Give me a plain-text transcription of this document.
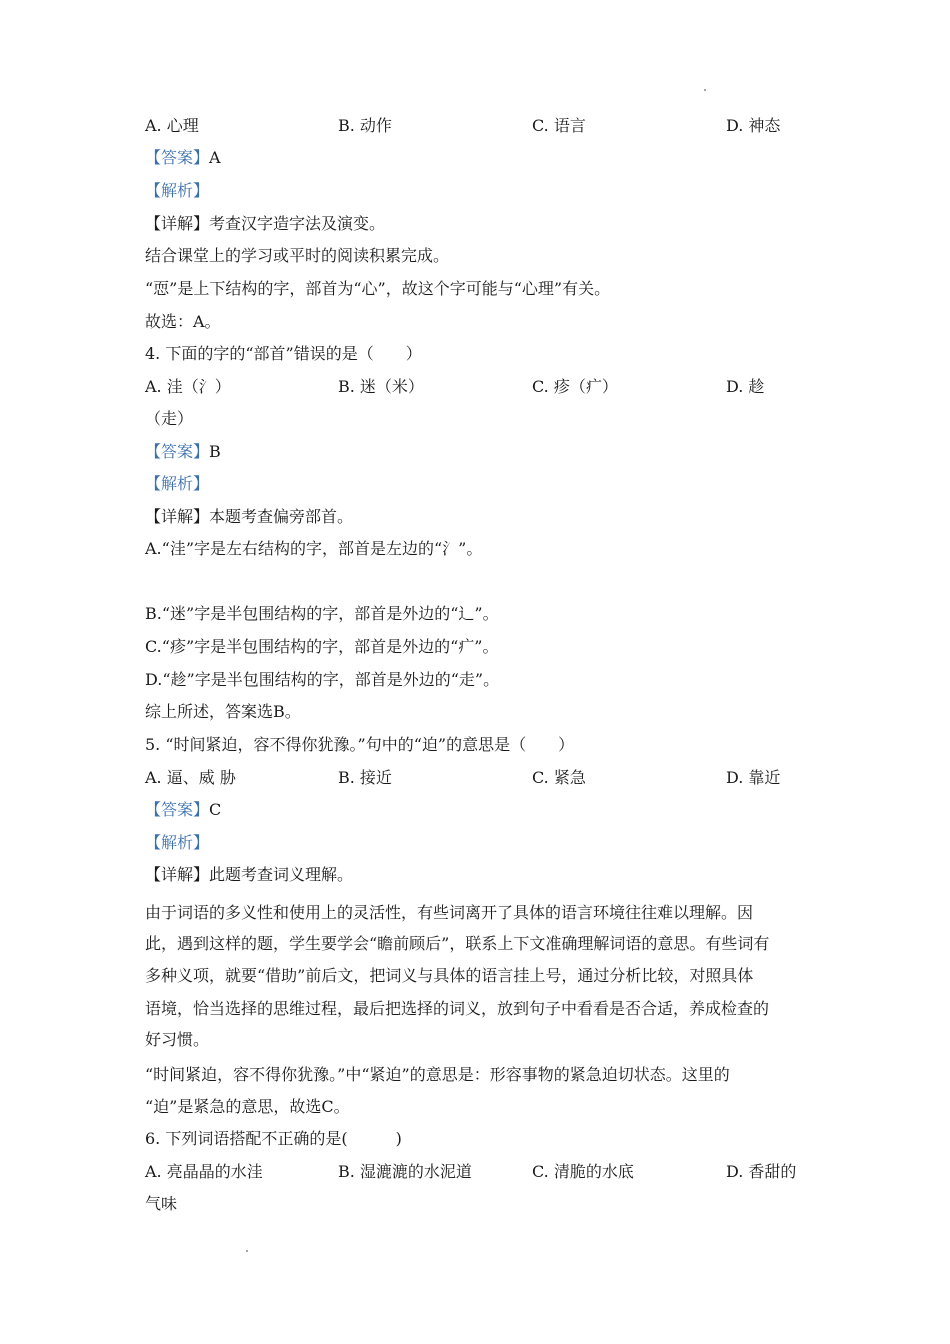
A. 心理	B. 动作	C. 语言	D. 神态
【答案】A
【解析】
【详解】考查汉字造字法及演变。
结合课堂上的学习或平时的阅读积累完成。
“恧”是上下结构的字，部首为“心”，故这个字可能与“心理”有关。
故选：A。
4. 下面的字的“部首”错误的是（　　）
A. 洼（氵）	B. 迷（米）	C. 疹（疒）	D. 趁
（走）
【答案】B
【解析】
【详解】本题考查偏旁部首。
A.“洼”字是左右结构的字，部首是左边的“氵”。
B.“迷”字是半包围结构的字，部首是外边的“辶”。
C.“疹”字是半包围结构的字，部首是外边的“疒”。
D.“趁”字是半包围结构的字，部首是外边的“走”。
综上所述，答案选B。
5. “时间紧迫，容不得你犹豫。”句中的“迫”的意思是（　　）
A. 逼、威 胁	B. 接近	C. 紧急	D. 靠近
【答案】C
【解析】
【详解】此题考查词义理解。
由于词语的多义性和使用上的灵活性，有些词离开了具体的语言环境往往难以理解。因
此，遇到这样的题，学生要学会“瞻前顾后”，联系上下文准确理解词语的意思。有些词有
多种义项，就要“借助”前后文，把词义与具体的语言挂上号，通过分析比较，对照具体
语境，恰当选择的思维过程，最后把选择的词义，放到句子中看看是否合适，养成检查的
好习惯。
“时间紧迫，容不得你犹豫。”中“紧迫”的意思是：形容事物的紧急迫切状态。这里的
“迫”是紧急的意思，故选C。
6. 下列词语搭配不正确的是(　　　)
A. 亮晶晶的水洼	B. 湿漉漉的水泥道	C. 清脆的水底	D. 香甜的
气味
